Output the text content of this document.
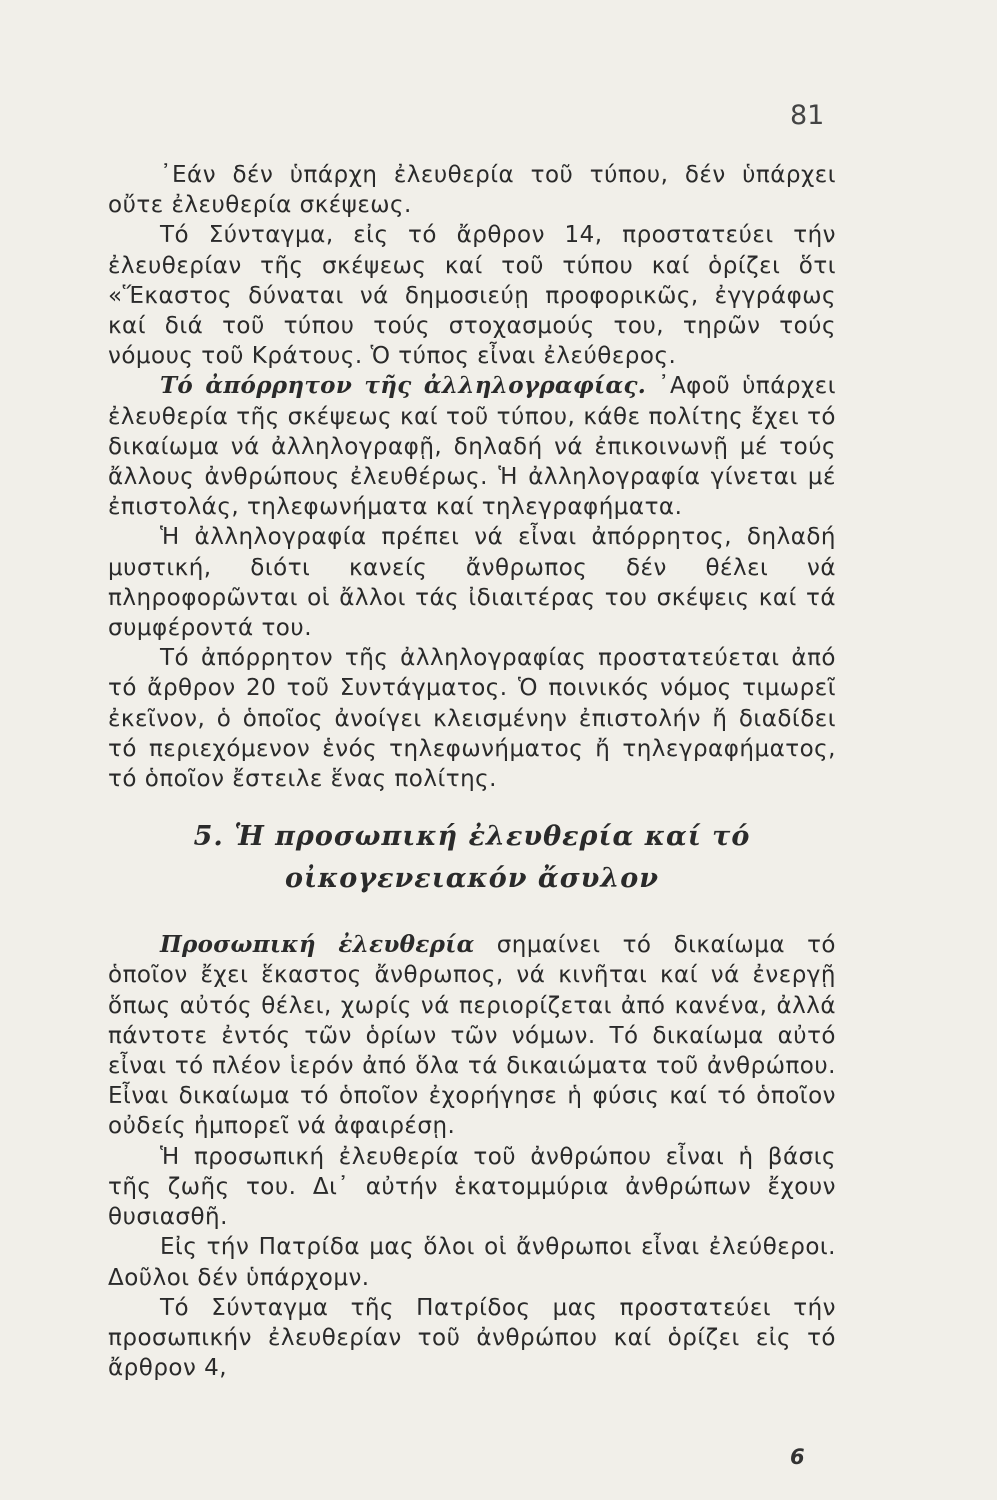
81

᾽Εάν δέν ὑπάρχη ἐλευθερία τοῦ τύπου, δέν ὑπάρχει οὔτε ἐλευθερία σκέψεως.

Τό Σύνταγμα, εἰς τό ἄρθρον 14, προστατεύει τήν ἐλευθερίαν τῆς σκέψεως καί τοῦ τύπου καί ὁρίζει ὅτι «Ἕκαστος δύναται νά δημοσιεύῃ προφορικῶς, ἐγγράφως καί διά τοῦ τύπου τούς στοχασμούς του, τηρῶν τούς νόμους τοῦ Κράτους. Ὁ τύπος εἶναι ἐλεύθερος.

Τό ἀπόρρητον τῆς ἀλληλογραφίας. ᾽Αφοῦ ὑπάρχει ἐλευθερία τῆς σκέψεως καί τοῦ τύπου, κάθε πολίτης ἔχει τό δικαίωμα νά ἀλληλογραφῇ, δηλαδή νά ἐπικοινωνῇ μέ τούς ἄλλους ἀνθρώπους ἐλευθέρως. Ἡ ἀλληλογραφία γίνεται μέ ἐπιστολάς, τηλεφωνήματα καί τηλεγραφήματα.

Ἡ ἀλληλογραφία πρέπει νά εἶναι ἀπόρρητος, δηλαδή μυστική, διότι κανείς ἄνθρωπος δέν θέλει νά πληροφορῶνται οἱ ἄλλοι τάς ἰδιαιτέρας του σκέψεις καί τά συμφέροντά του.

Τό ἀπόρρητον τῆς ἀλληλογραφίας προστατεύεται ἀπό τό ἄρθρον 20 τοῦ Συντάγματος. Ὁ ποινικός νόμος τιμωρεῖ ἐκεῖνον, ὁ ὁποῖος ἀνοίγει κλεισμένην ἐπιστολήν ἤ διαδίδει τό περιεχόμενον ἑνός τηλεφωνήματος ἤ τηλεγραφήματος, τό ὁποῖον ἔστειλε ἕνας πολίτης.

5. Ἡ προσωπική ἐλευθερία καί τό
οἰκογενειακόν ἄσυλον

Προσωπική ἐλευθερία σημαίνει τό δικαίωμα τό ὁποῖον ἔχει ἕκαστος ἄνθρωπος, νά κινῆται καί νά ἐνεργῇ ὅπως αὐτός θέλει, χωρίς νά περιορίζεται ἀπό κανένα, ἀλλά πάντοτε ἐντός τῶν ὁρίων τῶν νόμων. Τό δικαίωμα αὐτό εἶναι τό πλέον ἱερόν ἀπό ὅλα τά δικαιώματα τοῦ ἀνθρώπου. Εἶναι δικαίωμα τό ὁποῖον ἐχορήγησε ἡ φύσις καί τό ὁποῖον οὐδείς ἠμπορεῖ νά ἀφαιρέσῃ.

Ἡ προσωπική ἐλευθερία τοῦ ἀνθρώπου εἶναι ἡ βάσις τῆς ζωῆς του. Δι᾽ αὐτήν ἑκατομμύρια ἀνθρώπων ἔχουν θυσιασθῆ.

Εἰς τήν Πατρίδα μας ὅλοι οἱ ἄνθρωποι εἶναι ἐλεύθεροι. Δοῦλοι δέν ὑπάρχομν.

Τό Σύνταγμα τῆς Πατρίδος μας προστατεύει τήν προσωπικήν ἐλευθερίαν τοῦ ἀνθρώπου καί ὁρίζει εἰς τό ἄρθρον 4,

6
